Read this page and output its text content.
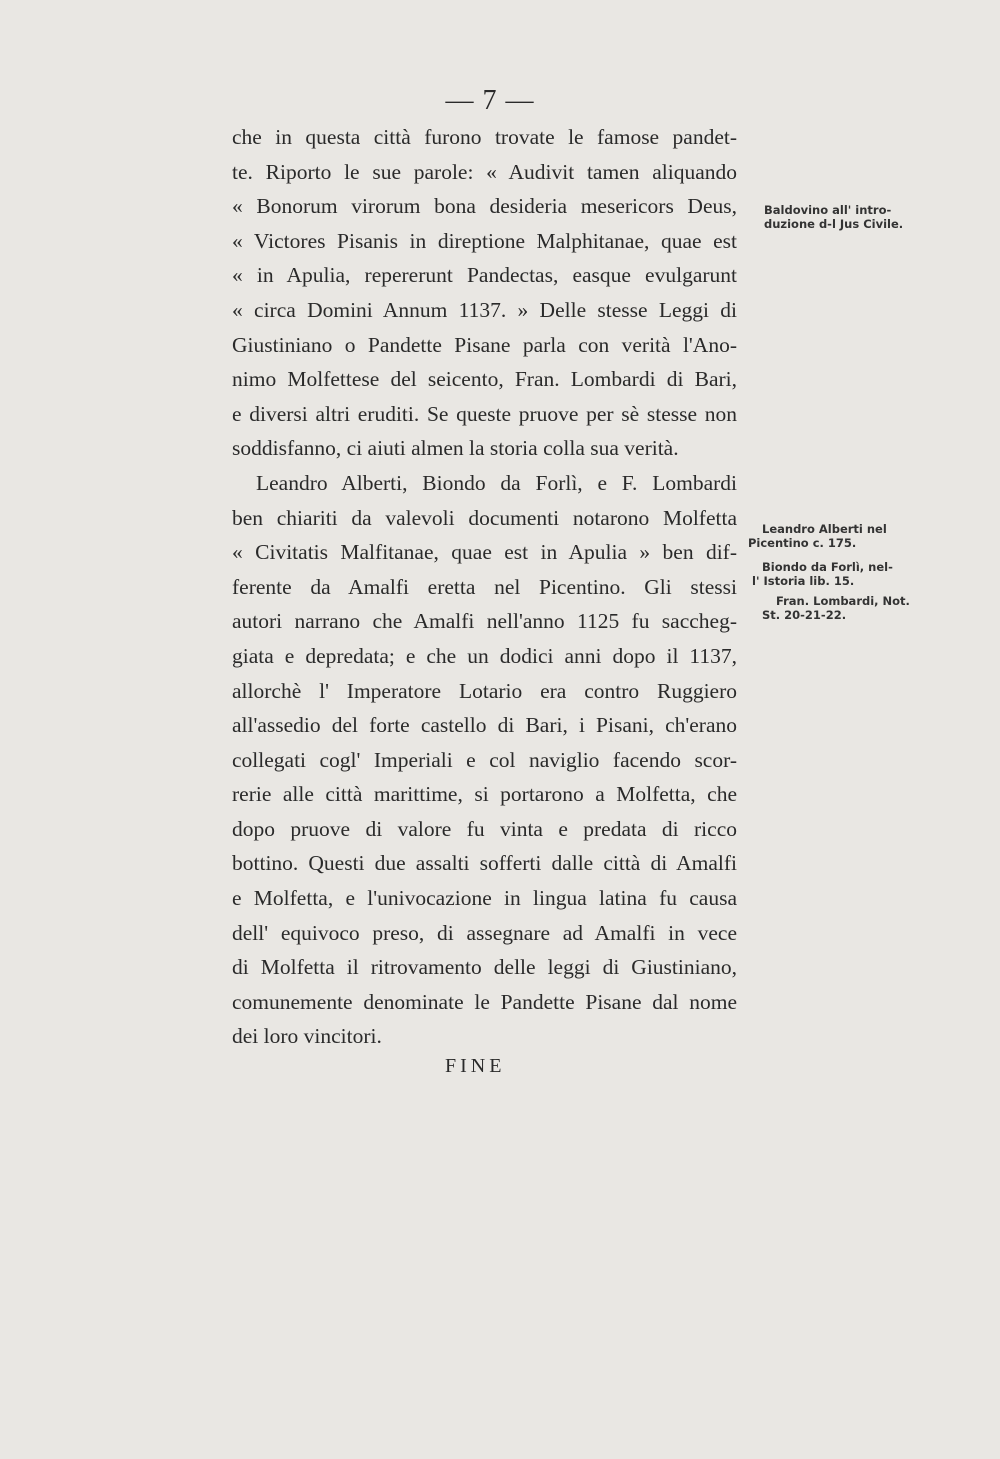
— 7 —
che in questa città furono trovate le famose pandet-
te. Riporto le sue parole: « Audivit tamen aliquando
« Bonorum virorum bona desideria mesericors Deus,
« Victores Pisanis in direptione Malphitanae, quae est
« in Apulia, repererunt Pandectas, easque evulgarunt
« circa Domini Annum 1137. » Delle stesse Leggi di
Giustiniano o Pandette Pisane parla con verità l'Ano-
nimo Molfettese del seicento, Fran. Lombardi di Bari,
e diversi altri eruditi. Se queste pruove per sè stesse non
soddisfanno, ci aiuti almen la storia colla sua verità.
Leandro Alberti, Biondo da Forlì, e F. Lombardi
ben chiariti da valevoli documenti notarono Molfetta
« Civitatis Malfitanae, quae est in Apulia » ben dif-
ferente da Amalfi eretta nel Picentino. Gli stessi
autori narrano che Amalfi nell'anno 1125 fu saccheg-
giata e depredata; e che un dodici anni dopo il 1137,
allorchè l' Imperatore Lotario era contro Ruggiero
all'assedio del forte castello di Bari, i Pisani, ch'erano
collegati cogl' Imperiali e col naviglio facendo scor-
rerie alle città marittime, si portarono a Molfetta, che
dopo pruove di valore fu vinta e predata di ricco
bottino. Questi due assalti sofferti dalle città di Amalfi
e Molfetta, e l'univocazione in lingua latina fu causa
dell' equivoco preso, di assegnare ad Amalfi in vece
di Molfetta il ritrovamento delle leggi di Giustiniano,
comunemente denominate le Pandette Pisane dal nome
dei loro vincitori.
Baldovino all' intro-
duzione d-l Jus Civile.
Leandro Alberti nel
Picentino c. 175.
Biondo da Forlì, nel-
l' Istoria lib. 15.
Fran. Lombardi, Not.
St. 20-21-22.
FINE
